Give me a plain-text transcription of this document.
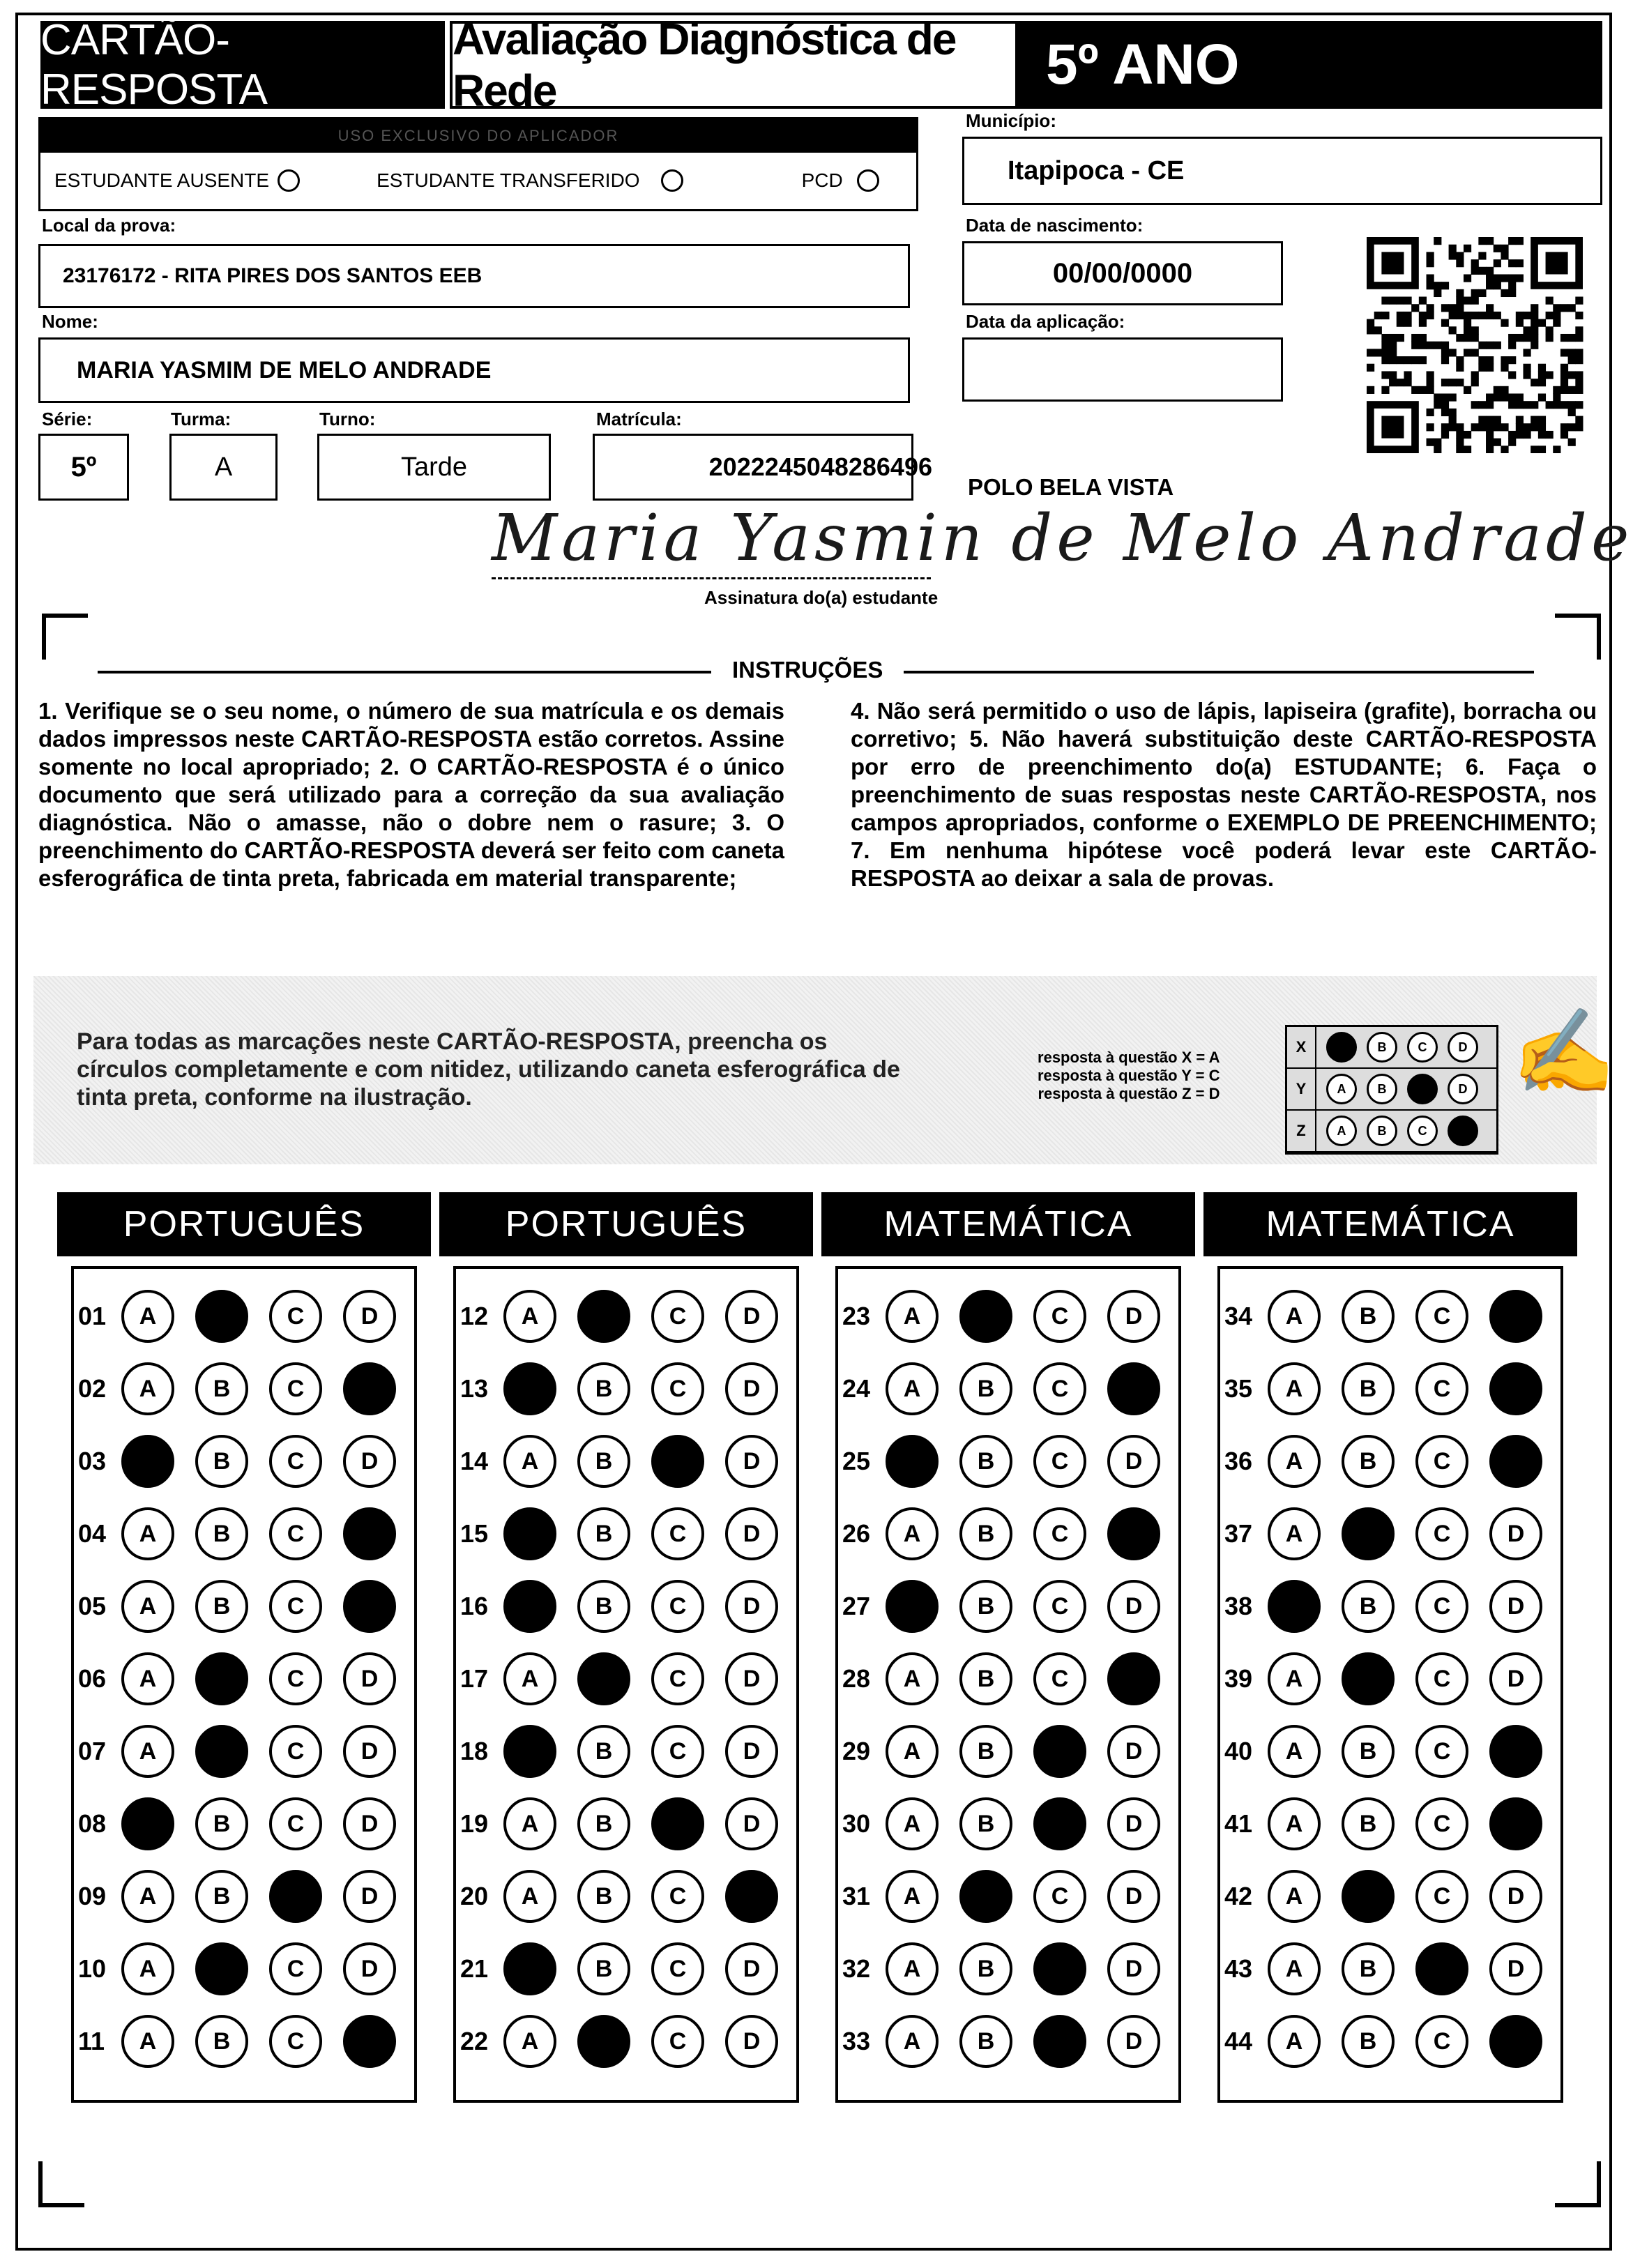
CARTÃO-RESPOSTA
Avaliação Diagnóstica de Rede	5º ANO
USO EXCLUSIVO DO APLICADOR
ESTUDANTE AUSENTE	ESTUDANTE TRANSFERIDO	PCD
Município:
Itapipoca - CE
Local da prova:
23176172 - RITA PIRES DOS SANTOS EEB
Data de nascimento:
00/00/0000
Nome:
MARIA YASMIM DE MELO ANDRADE
Data da aplicação:
Série:
5º
Turma:
A
Turno:
Tarde
Matrícula:
2022245048286496
POLO BELA VISTA
Maria Yasmin de Melo Andrade
Assinatura do(a) estudante
INSTRUÇÕES
1. Verifique se o seu nome, o número de sua matrícula e os demais dados impressos neste CARTÃO-RESPOSTA estão corretos. Assine somente no local apropriado; 2. O CARTÃO-RESPOSTA é o único documento que será utilizado para a correção da sua avaliação diagnóstica. Não o amasse, não o dobre nem o rasure; 3. O preenchimento do CARTÃO-RESPOSTA deverá ser feito com caneta esferográfica de tinta preta, fabricada em material transparente;
4. Não será permitido o uso de lápis, lapiseira (grafite), borracha ou corretivo; 5. Não haverá substituição deste CARTÃO-RESPOSTA por erro de preenchimento do(a) ESTUDANTE; 6. Faça o preenchimento de suas respostas neste CARTÃO-RESPOSTA, nos campos apropriados, conforme o EXEMPLO DE PREENCHIMENTO; 7. Em nenhuma hipótese você poderá levar este CARTÃO-RESPOSTA ao deixar a sala de provas.
Para todas as marcações neste CARTÃO-RESPOSTA, preencha os círculos completamente e com nitidez, utilizando caneta esferográfica de tinta preta, conforme na ilustração.
resposta à questão X = A
resposta à questão Y = C
resposta à questão Z = D
X	A	B	C	D
Y	A	B	C	D
Z	A	B	C	D
✍
PORTUGUÊS
01	A	B	C	D
02	A	B	C	D
03	A	B	C	D
04	A	B	C	D
05	A	B	C	D
06	A	B	C	D
07	A	B	C	D
08	A	B	C	D
09	A	B	C	D
10	A	B	C	D
11	A	B	C	D
PORTUGUÊS
12	A	B	C	D
13	A	B	C	D
14	A	B	C	D
15	A	B	C	D
16	A	B	C	D
17	A	B	C	D
18	A	B	C	D
19	A	B	C	D
20	A	B	C	D
21	A	B	C	D
22	A	B	C	D
MATEMÁTICA
23	A	B	C	D
24	A	B	C	D
25	A	B	C	D
26	A	B	C	D
27	A	B	C	D
28	A	B	C	D
29	A	B	C	D
30	A	B	C	D
31	A	B	C	D
32	A	B	C	D
33	A	B	C	D
MATEMÁTICA
34	A	B	C	D
35	A	B	C	D
36	A	B	C	D
37	A	B	C	D
38	A	B	C	D
39	A	B	C	D
40	A	B	C	D
41	A	B	C	D
42	A	B	C	D
43	A	B	C	D
44	A	B	C	D
